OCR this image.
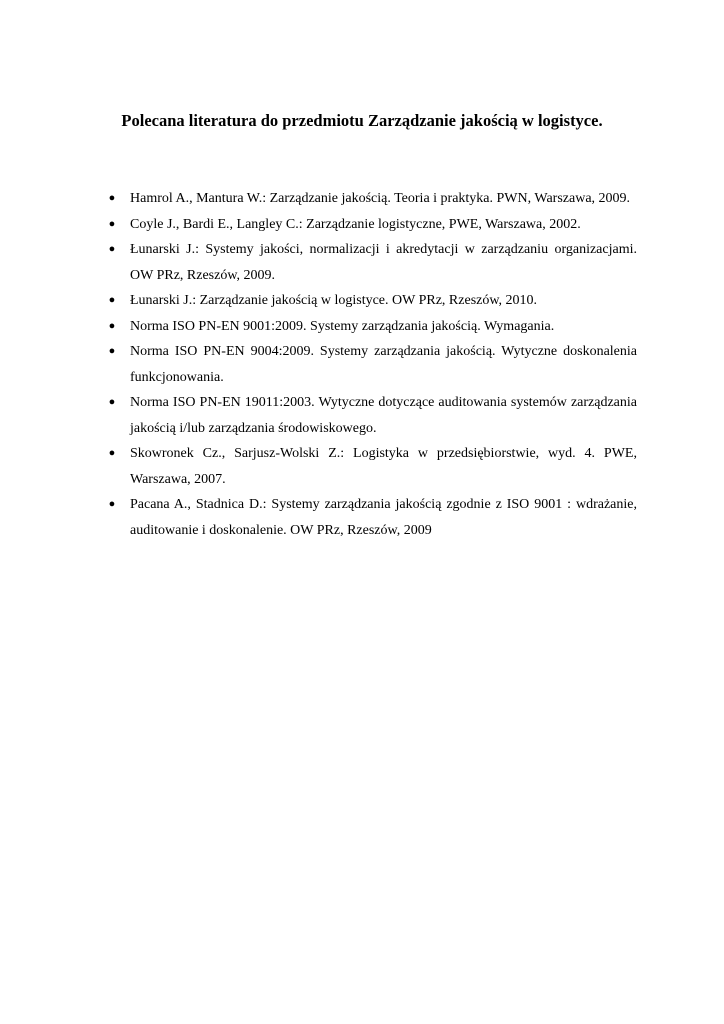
Polecana literatura do przedmiotu Zarządzanie jakością w logistyce.
● Hamrol A., Mantura W.: Zarządzanie jakością. Teoria i praktyka. PWN, Warszawa, 2009.
● Coyle J., Bardi E., Langley C.: Zarządzanie logistyczne, PWE, Warszawa, 2002.
● Łunarski J.: Systemy jakości, normalizacji i akredytacji w zarządzaniu organizacjami. OW PRz, Rzeszów, 2009.
● Łunarski J.: Zarządzanie jakością w logistyce. OW PRz, Rzeszów, 2010.
● Norma ISO PN-EN 9001:2009. Systemy zarządzania jakością. Wymagania.
● Norma ISO PN-EN 9004:2009. Systemy zarządzania jakością. Wytyczne doskonalenia funkcjonowania.
● Norma ISO PN-EN 19011:2003. Wytyczne dotyczące auditowania systemów zarządzania jakością i/lub zarządzania środowiskowego.
● Skowronek Cz., Sarjusz-Wolski Z.: Logistyka w przedsiębiorstwie, wyd. 4. PWE, Warszawa, 2007.
● Pacana A., Stadnica D.: Systemy zarządzania jakością zgodnie z ISO 9001 : wdrażanie, auditowanie i doskonalenie. OW PRz, Rzeszów, 2009
